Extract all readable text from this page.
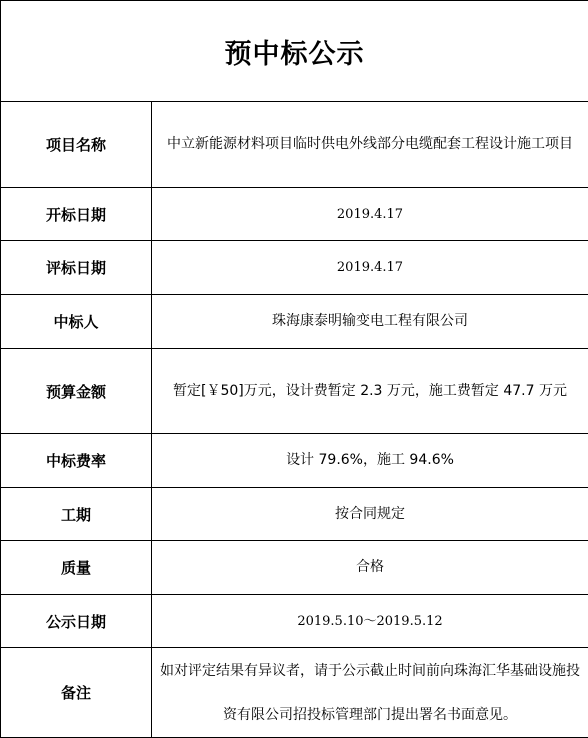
预中标公示	
项目名称	中立新能源材料项目临时供电外线部分电缆配套工程设计施工项目
开标日期	2019.4.17
评标日期	2019.4.17
中标人	珠海康泰明输变电工程有限公司
预算金额	暂定[￥50]万元，设计费暂定 2.3 万元，施工费暂定 47.7 万元
中标费率	设计 79.6%，施工 94.6%
工期	按合同规定
质量	合格
公示日期	2019.5.10～2019.5.12
备注	如对评定结果有异议者，请于公示截止时间前向珠海汇华基础设施投资有限公司招投标管理部门提出署名书面意见。
